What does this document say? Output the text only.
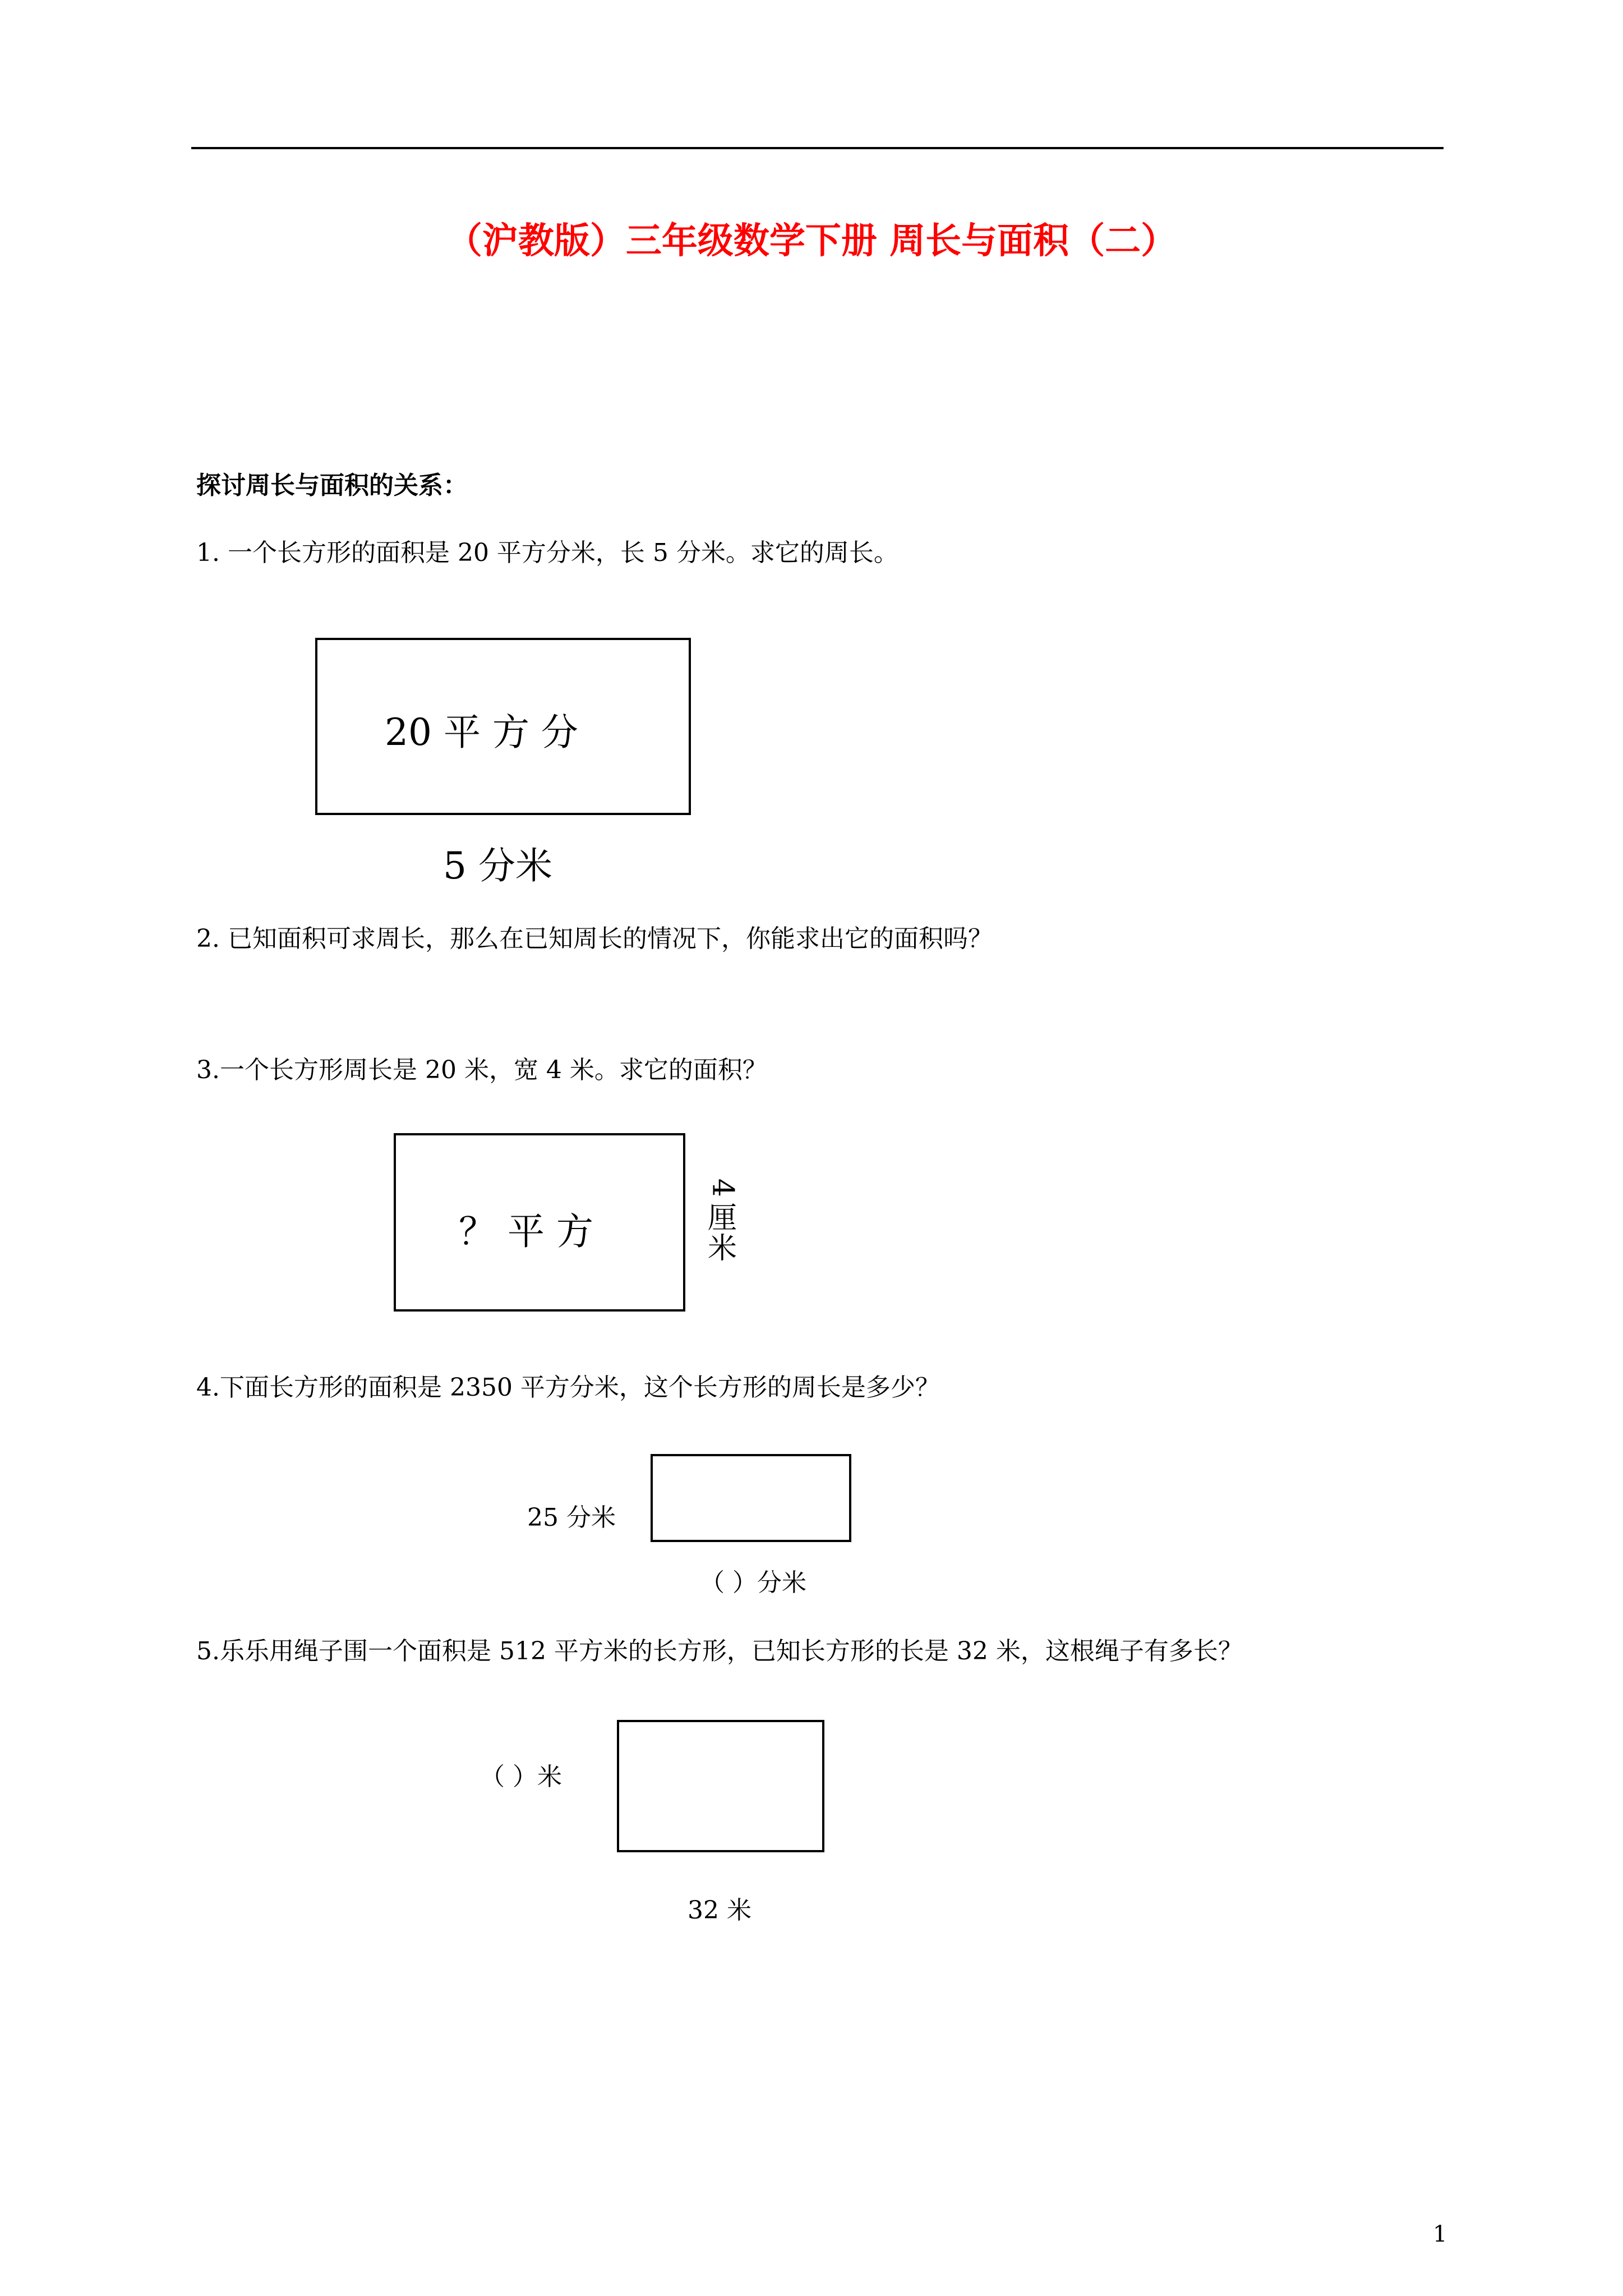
（沪教版）三年级数学下册 周长与面积（二）
探讨周长与面积的关系：
1. 一个长方形的面积是 20 平方分米，长 5 分米。求它的周长。
20 平 方 分
5 分米
2. 已知面积可求周长，那么在已知周长的情况下，你能求出它的面积吗？
3.一个长方形周长是 20 米，宽 4 米。求它的面积？
？ 平 方
4
厘
米
4.下面长方形的面积是 2350 平方分米，这个长方形的周长是多少？
25 分米
（ ）分米
5.乐乐用绳子围一个面积是 512 平方米的长方形，已知长方形的长是 32 米，这根绳子有多长？
（ ）米
32 米
1
